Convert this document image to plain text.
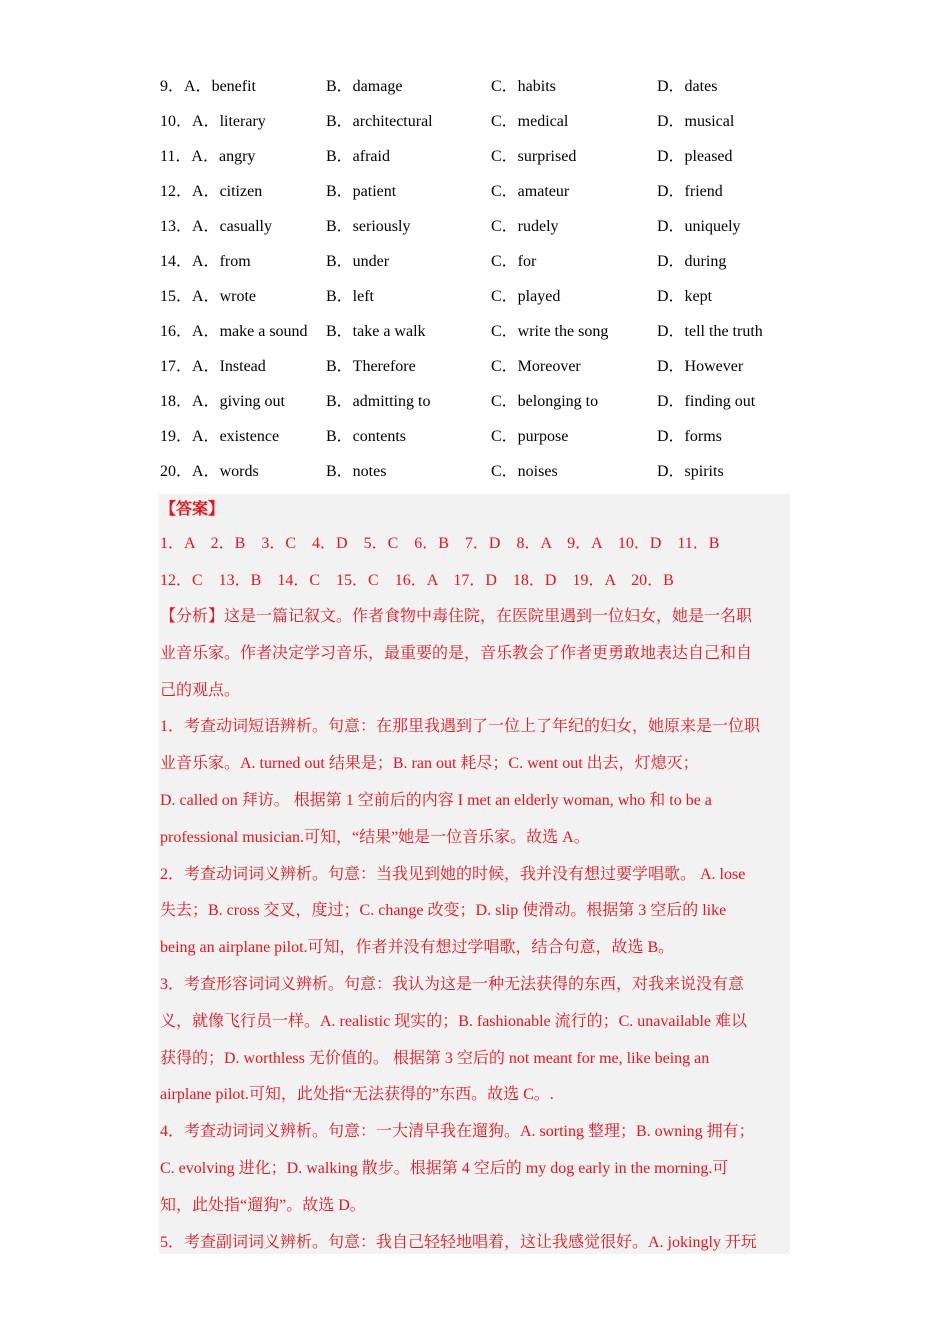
9．A．benefit	B．damage	C．habits	D．dates
10．A．literary	B．architectural	C．medical	D．musical
11．A．angry	B．afraid	C．surprised	D．pleased
12．A．citizen	B．patient	C．amateur	D．friend
13．A．casually	B．seriously	C．rudely	D．uniquely
14．A．from	B．under	C．for	D．during
15．A．wrote	B．left	C．played	D．kept
16．A．make a sound B．take a walk	C．write the song	D．tell the truth
17．A．Instead	B．Therefore	C．Moreover	D．However
18．A．giving out	B．admitting to	C．belonging to	D．finding out
19．A．existence	B．contents	C．purpose	D．forms
20．A．words	B．notes	C．noises	D．spirits
【答案】
1．A　2．B　3．C　4．D　5．C　6．B　7．D　8．A　9．A　10．D　11．B
12．C　13．B　14．C　15．C　16．A　17．D　18．D　19．A　20．B
【分析】这是一篇记叙文。作者食物中毒住院，在医院里遇到一位妇女，她是一名职
业音乐家。作者决定学习音乐，最重要的是，音乐教会了作者更勇敢地表达自己和自
己的观点。
1．考查动词短语辨析。句意：在那里我遇到了一位上了年纪的妇女，她原来是一位职
业音乐家。A. turned out 结果是；B. ran out 耗尽；C. went out 出去，灯熄灭；
D. called on 拜访。 根据第 1 空前后的内容 I met an elderly woman, who 和 to be a
professional musician.可知，“结果”她是一位音乐家。故选 A。
2．考查动词词义辨析。句意：当我见到她的时候，我并没有想过要学唱歌。 A. lose
失去；B. cross 交叉，度过；C. change 改变；D. slip 使滑动。根据第 3 空后的 like
being an airplane pilot.可知，作者并没有想过学唱歌，结合句意，故选 B。
3．考查形容词词义辨析。句意：我认为这是一种无法获得的东西，对我来说没有意
义，就像飞行员一样。A. realistic 现实的；B. fashionable 流行的；C. unavailable 难以
获得的；D. worthless 无价值的。 根据第 3 空后的 not meant for me, like being an
airplane pilot.可知，此处指“无法获得的”东西。故选 C。.
4．考查动词词义辨析。句意：一大清早我在遛狗。A. sorting 整理；B. owning 拥有；
C. evolving 进化；D. walking 散步。根据第 4 空后的 my dog early in the morning.可
知，此处指“遛狗”。故选 D。
5．考查副词词义辨析。句意：我自己轻轻地唱着，这让我感觉很好。A. jokingly 开玩
